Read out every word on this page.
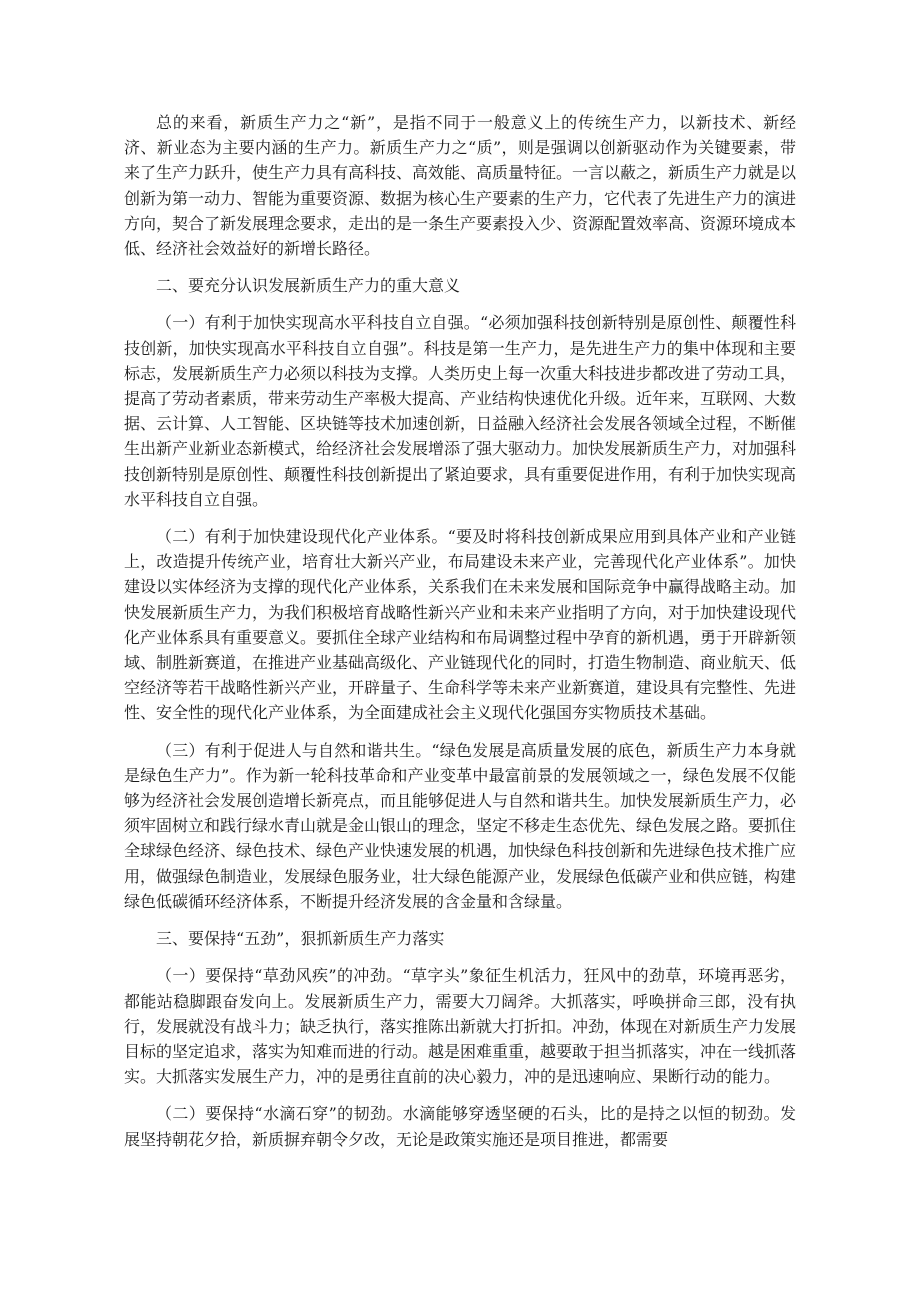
总的来看，新质生产力之“新”，是指不同于一般意义上的传统生产力，以新技术、新经济、新业态为主要内涵的生产力。新质生产力之“质”，则是强调以创新驱动作为关键要素，带来了生产力跃升，使生产力具有高科技、高效能、高质量特征。一言以蔽之，新质生产力就是以创新为第一动力、智能为重要资源、数据为核心生产要素的生产力，它代表了先进生产力的演进方向，契合了新发展理念要求，走出的是一条生产要素投入少、资源配置效率高、资源环境成本低、经济社会效益好的新增长路径。

二、要充分认识发展新质生产力的重大意义

（一）有利于加快实现高水平科技自立自强。“必须加强科技创新特别是原创性、颠覆性科技创新，加快实现高水平科技自立自强”。科技是第一生产力，是先进生产力的集中体现和主要标志，发展新质生产力必须以科技为支撑。人类历史上每一次重大科技进步都改进了劳动工具，提高了劳动者素质，带来劳动生产率极大提高、产业结构快速优化升级。近年来，互联网、大数据、云计算、人工智能、区块链等技术加速创新，日益融入经济社会发展各领域全过程，不断催生出新产业新业态新模式，给经济社会发展增添了强大驱动力。加快发展新质生产力，对加强科技创新特别是原创性、颠覆性科技创新提出了紧迫要求，具有重要促进作用，有利于加快实现高水平科技自立自强。

（二）有利于加快建设现代化产业体系。“要及时将科技创新成果应用到具体产业和产业链上，改造提升传统产业，培育壮大新兴产业，布局建设未来产业，完善现代化产业体系”。加快建设以实体经济为支撑的现代化产业体系，关系我们在未来发展和国际竞争中赢得战略主动。加快发展新质生产力，为我们积极培育战略性新兴产业和未来产业指明了方向，对于加快建设现代化产业体系具有重要意义。要抓住全球产业结构和布局调整过程中孕育的新机遇，勇于开辟新领域、制胜新赛道，在推进产业基础高级化、产业链现代化的同时，打造生物制造、商业航天、低空经济等若干战略性新兴产业，开辟量子、生命科学等未来产业新赛道，建设具有完整性、先进性、安全性的现代化产业体系，为全面建成社会主义现代化强国夯实物质技术基础。

（三）有利于促进人与自然和谐共生。“绿色发展是高质量发展的底色，新质生产力本身就是绿色生产力”。作为新一轮科技革命和产业变革中最富前景的发展领域之一，绿色发展不仅能够为经济社会发展创造增长新亮点，而且能够促进人与自然和谐共生。加快发展新质生产力，必须牢固树立和践行绿水青山就是金山银山的理念，坚定不移走生态优先、绿色发展之路。要抓住全球绿色经济、绿色技术、绿色产业快速发展的机遇，加快绿色科技创新和先进绿色技术推广应用，做强绿色制造业，发展绿色服务业，壮大绿色能源产业，发展绿色低碳产业和供应链，构建绿色低碳循环经济体系，不断提升经济发展的含金量和含绿量。

三、要保持“五劲”，狠抓新质生产力落实

（一）要保持“草劲风疾”的冲劲。“草字头”象征生机活力，狂风中的劲草，环境再恶劣，都能站稳脚跟奋发向上。发展新质生产力，需要大刀阔斧。大抓落实，呼唤拼命三郎，没有执行，发展就没有战斗力；缺乏执行，落实推陈出新就大打折扣。冲劲，体现在对新质生产力发展目标的坚定追求，落实为知难而进的行动。越是困难重重，越要敢于担当抓落实，冲在一线抓落实。大抓落实发展生产力，冲的是勇往直前的决心毅力，冲的是迅速响应、果断行动的能力。

（二）要保持“水滴石穿”的韧劲。水滴能够穿透坚硬的石头，比的是持之以恒的韧劲。发展坚持朝花夕拾，新质摒弃朝令夕改，无论是政策实施还是项目推进，都需要
